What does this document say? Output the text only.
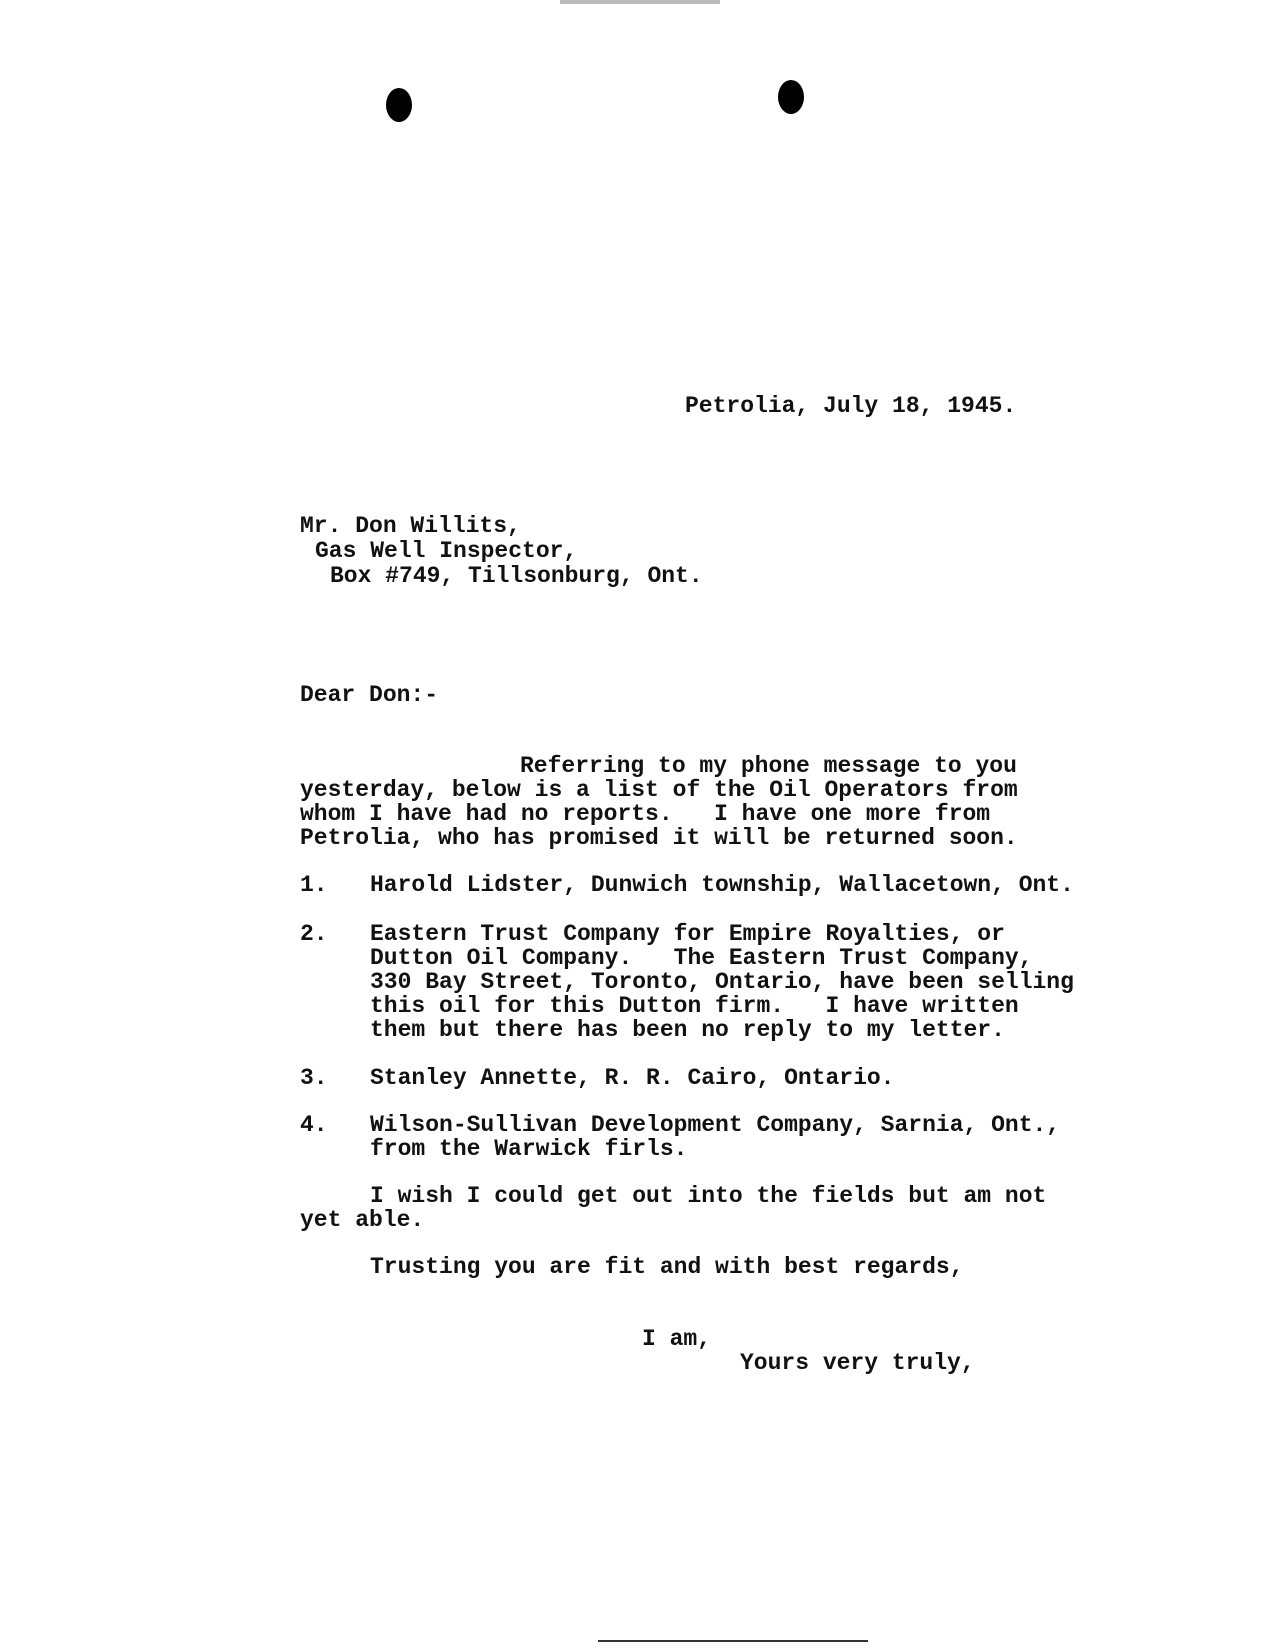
Petrolia, July 18, 1945.
Mr. Don Willits,
Gas Well Inspector,
Box #749, Tillsonburg, Ont.
Dear Don:-
Referring to my phone message to you
yesterday, below is a list of the Oil Operators from
whom I have had no reports.   I have one more from
Petrolia, who has promised it will be returned soon.
1. Harold Lidster, Dunwich township, Wallacetown, Ont.
2. Eastern Trust Company for Empire Royalties, or
Dutton Oil Company.   The Eastern Trust Company,
330 Bay Street, Toronto, Ontario, have been selling
this oil for this Dutton firm.   I have written
them but there has been no reply to my letter.
3. Stanley Annette, R. R. Cairo, Ontario.
4. Wilson-Sullivan Development Company, Sarnia, Ont.,
from the Warwick firls.
I wish I could get out into the fields but am not
yet able.
Trusting you are fit and with best regards,
I am,
Yours very truly,
